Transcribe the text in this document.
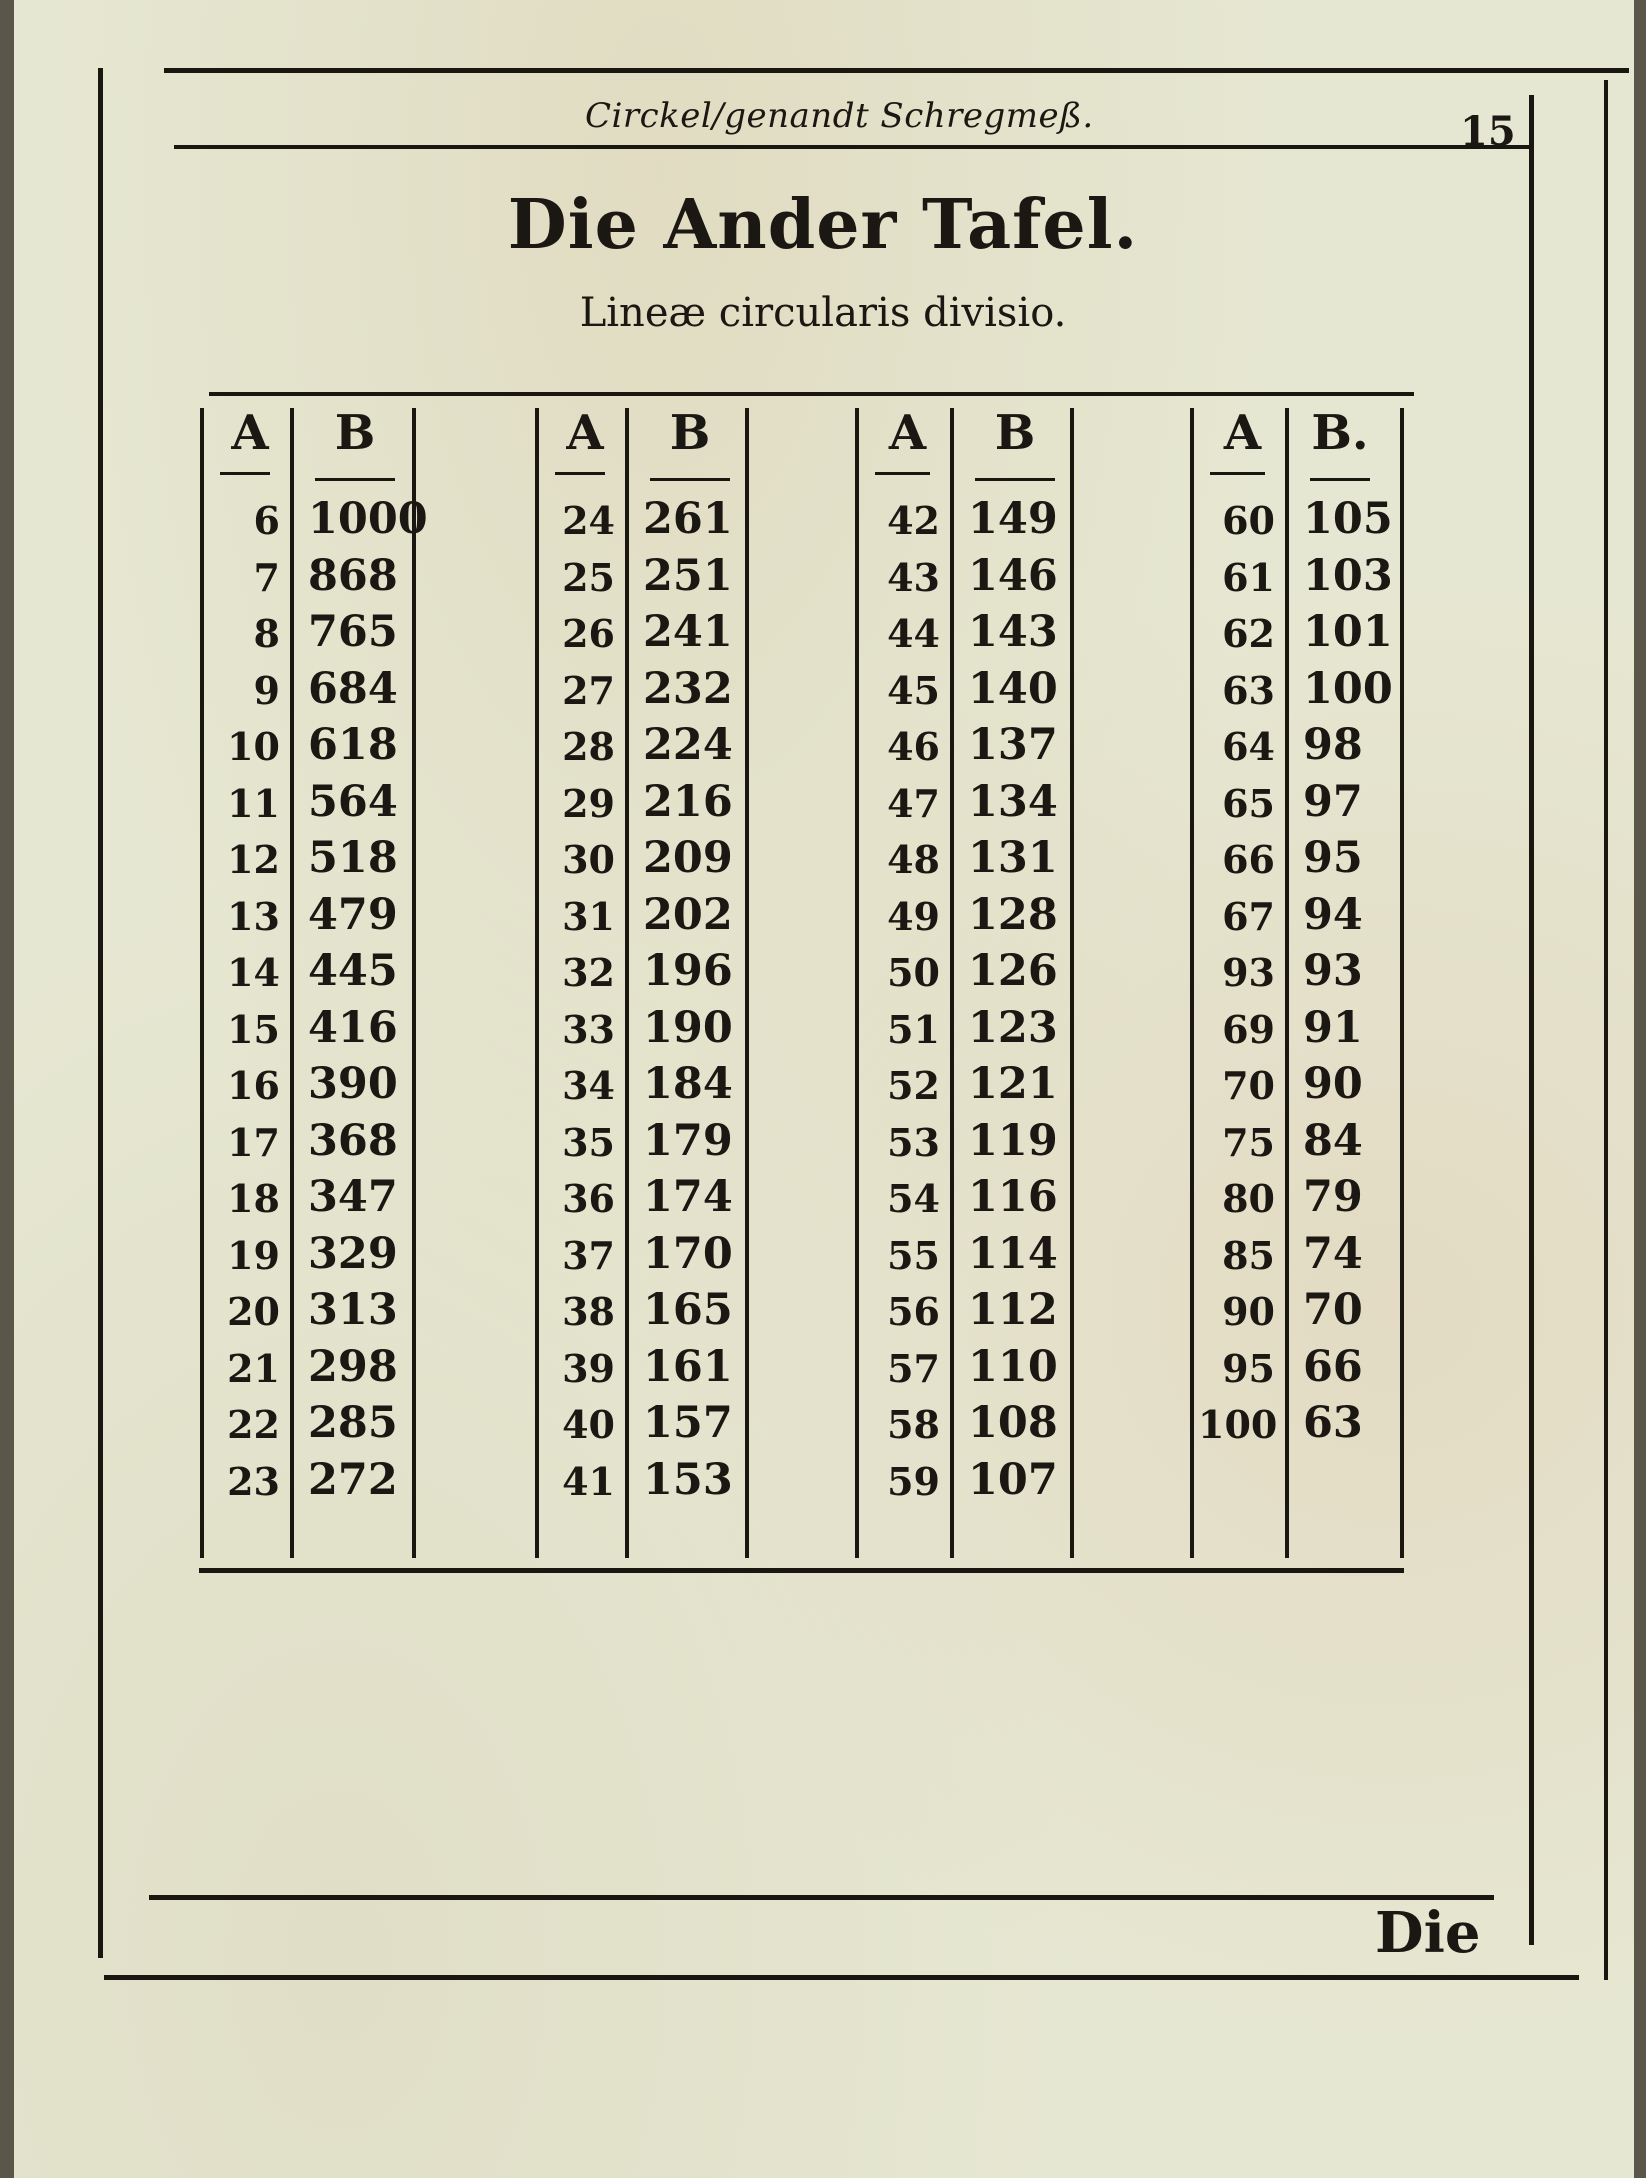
Circkel/genandt Schregmeß.	15
Die Ander Tafel.
Lineæ circularis divisio.
A	B
6 1000
7 868
8 765
9 684
10 618
11 564
12 518
13 479
14 445
15 416
16 390
17 368
18 347
19 329
20 313
21 298
22 285
23 272
A	B
24 261
25 251
26 241
27 232
28 224
29 216
30 209
31 202
32 196
33 190
34 184
35 179
36 174
37 170
38 165
39 161
40 157
41 153
A	B
42 149
43 146
44 143
45 140
46 137
47 134
48 131
49 128
50 126
51 123
52 121
53 119
54 116
55 114
56 112
57 110
58 108
59 107
A	B.
60 105
61 103
62 101
63 100
64 98
65 97
66 95
67 94
93 93
69 91
70 90
75 84
80 79
85 74
90 70
95 66
100 63
Die
